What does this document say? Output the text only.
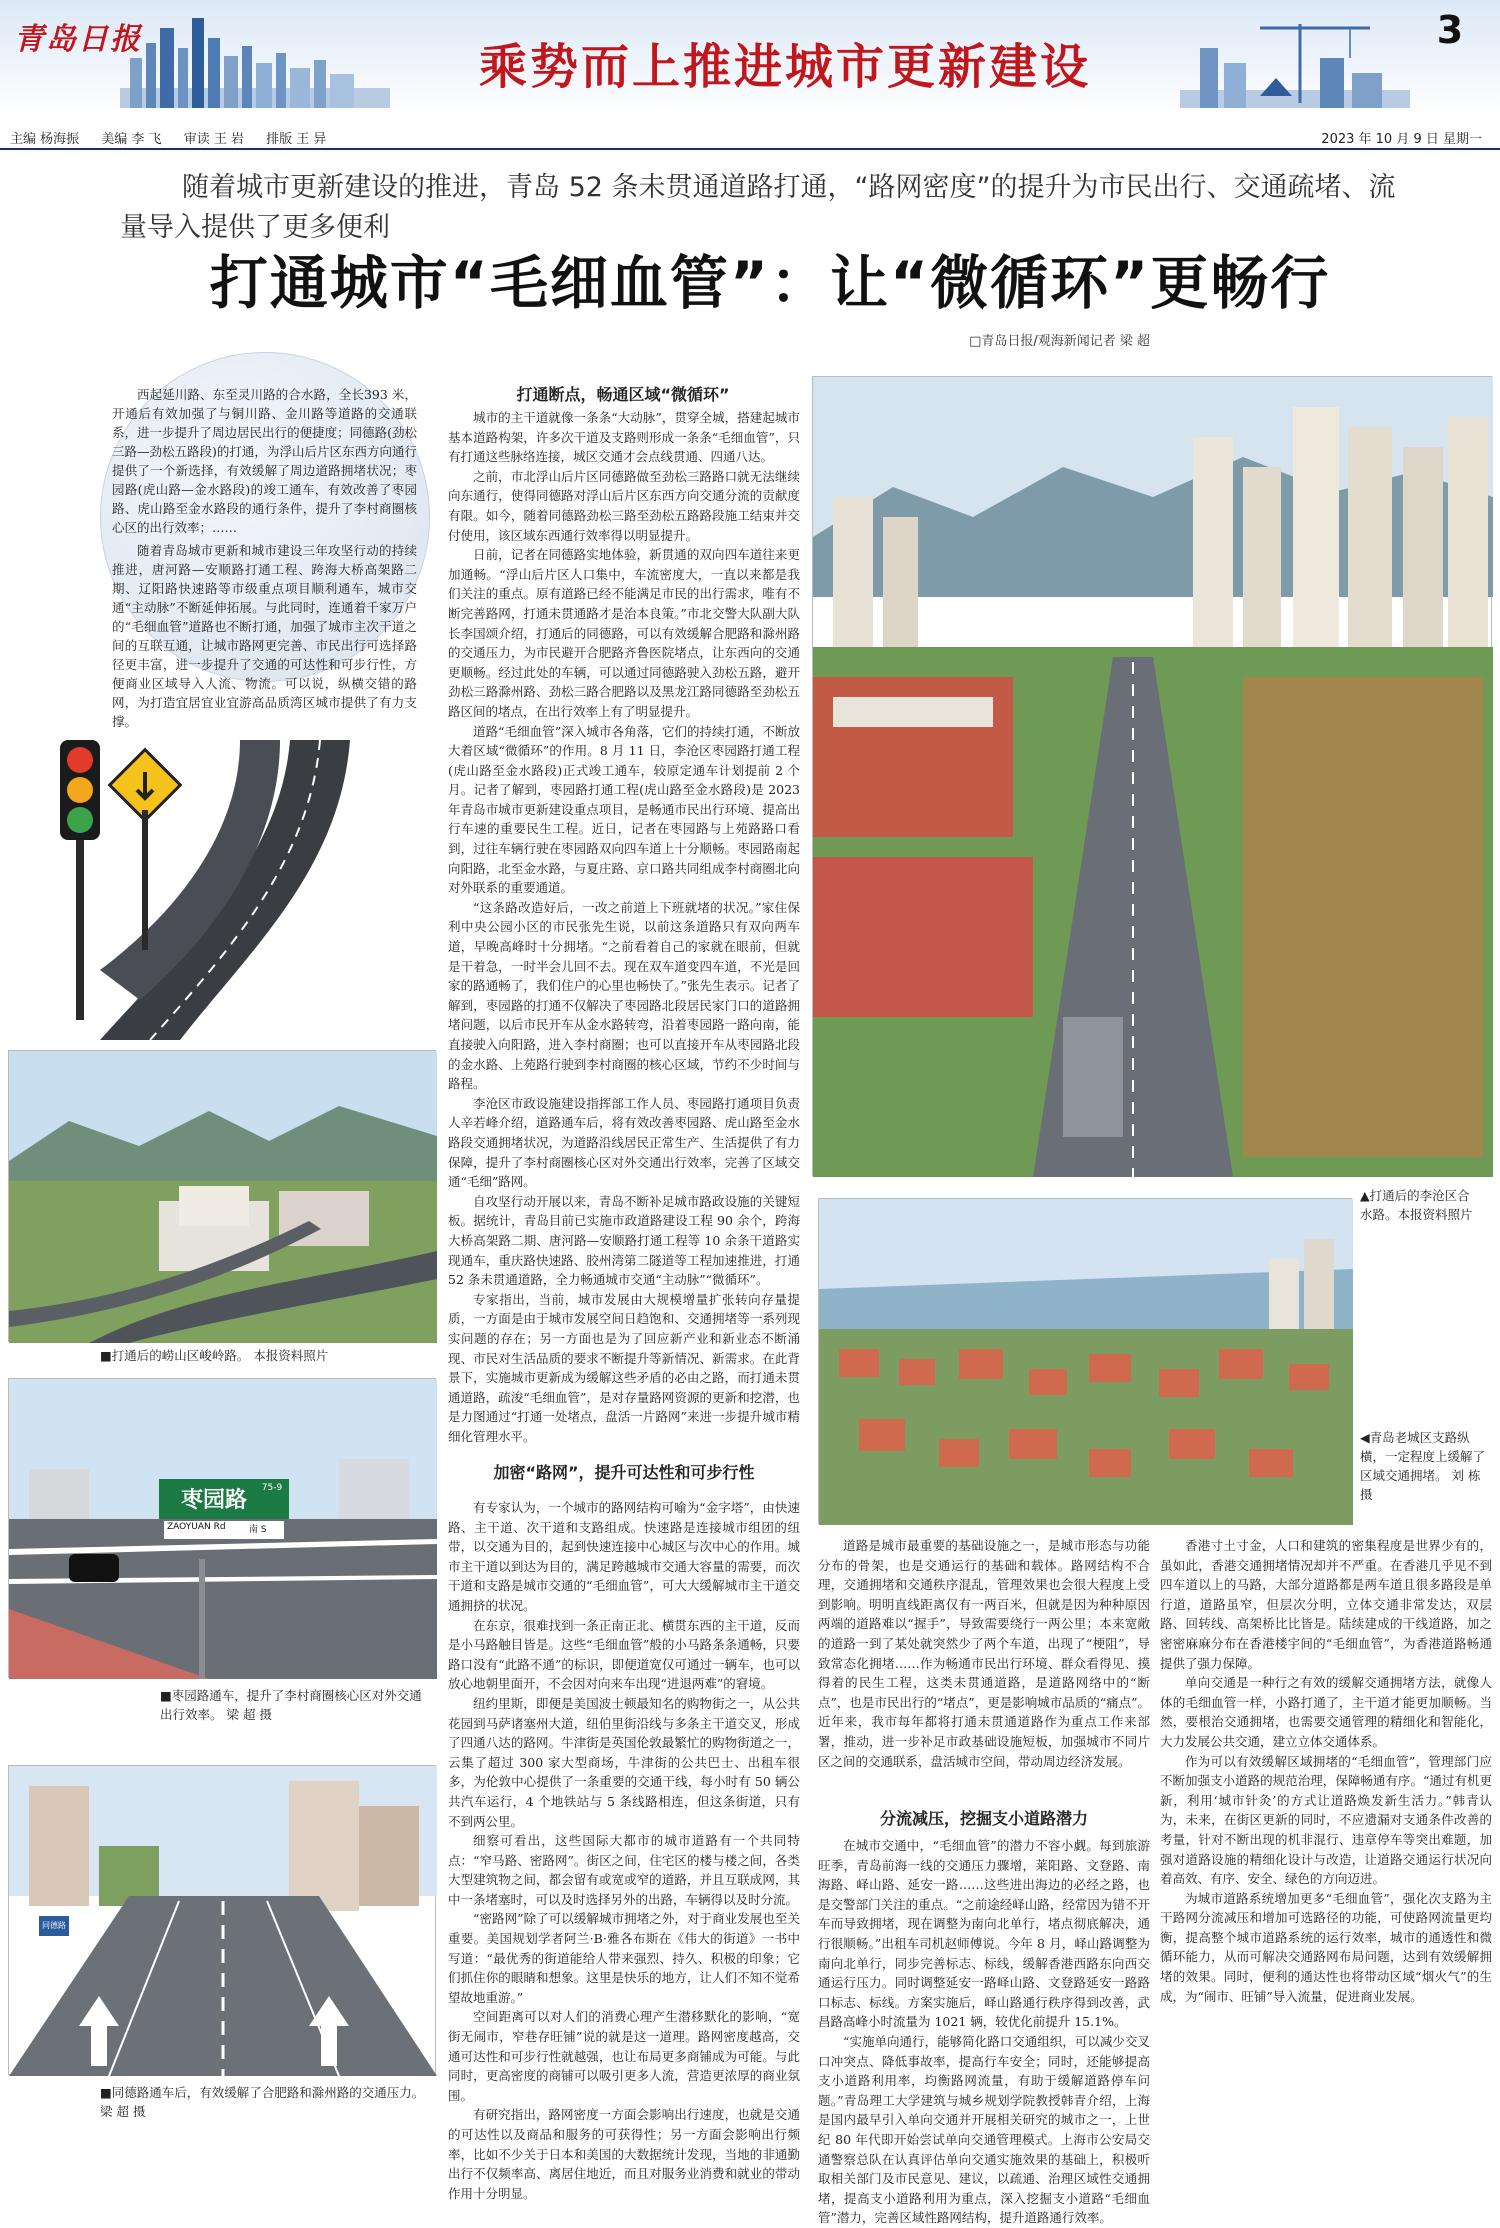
青岛日报	乘势而上推进城市更新建设
3
主编 杨海振 美编 李 飞 审读 王 岩 排版 王 异	2023 年 10 月 9 日 星期一
随着城市更新建设的推进，青岛 52 条未贯通道路打通，“路网密度”的提升为市民出行、交通疏堵、流量导入提供了更多便利
打通城市“毛细血管”：让“微循环”更畅行
□青岛日报/观海新闻记者 梁 超

西起延川路、东至灵川路的合水路，全长393 米，开通后有效加强了与铜川路、金川路等道路的交通联系，进一步提升了周边居民出行的便捷度；同德路(劲松三路—劲松五路段)的打通，为浮山后片区东西方向通行提供了一个新选择，有效缓解了周边道路拥堵状况；枣园路(虎山路—金水路段)的竣工通车，有效改善了枣园路、虎山路至金水路段的通行条件，提升了李村商圈核心区的出行效率；……

随着青岛城市更新和城市建设三年攻坚行动的持续推进，唐河路—安顺路打通工程、跨海大桥高架路二期、辽阳路快速路等市级重点项目顺利通车，城市交通“主动脉”不断延伸拓展。与此同时，连通着千家万户的“毛细血管”道路也不断打通，加强了城市主次干道之间的互联互通，让城市路网更完善、市民出行可选择路径更丰富，进一步提升了交通的可达性和可步行性，方便商业区域导入人流、物流。可以说，纵横交错的路网，为打造宜居宜业宜游高品质湾区城市提供了有力支撑。

■打通后的崂山区峻岭路。 本报资料照片
枣园路	75-9
ZAOYUAN Rd	南 S
■枣园路通车，提升了李村商圈核心区对外交通出行效率。 梁 超 摄
同德路
■同德路通车后，有效缓解了合肥路和滁州路的交通压力。 梁 超 摄
打通断点，畅通区域“微循环”

城市的主干道就像一条条“大动脉”，贯穿全城，搭建起城市基本道路构架，许多次干道及支路则形成一条条“毛细血管”，只有打通这些脉络连接，城区交通才会点线贯通、四通八达。

之前，市北浮山后片区同德路做至劲松三路路口就无法继续向东通行，使得同德路对浮山后片区东西方向交通分流的贡献度有限。如今，随着同德路劲松三路至劲松五路路段施工结束并交付使用，该区域东西通行效率得以明显提升。

日前，记者在同德路实地体验，新贯通的双向四车道往来更加通畅。“浮山后片区人口集中，车流密度大，一直以来都是我们关注的重点。原有道路已经不能满足市民的出行需求，唯有不断完善路网，打通未贯通路才是治本良策。”市北交警大队副大队长李国颂介绍，打通后的同德路，可以有效缓解合肥路和滁州路的交通压力，为市民避开合肥路齐鲁医院堵点，让东西向的交通更顺畅。经过此处的车辆，可以通过同德路驶入劲松五路，避开劲松三路滁州路、劲松三路合肥路以及黑龙江路同德路至劲松五路区间的堵点，在出行效率上有了明显提升。

道路“毛细血管”深入城市各角落，它们的持续打通，不断放大着区域“微循环”的作用。8 月 11 日，李沧区枣园路打通工程(虎山路至金水路段)正式竣工通车，较原定通车计划提前 2 个月。记者了解到，枣园路打通工程(虎山路至金水路段)是 2023 年青岛市城市更新建设重点项目，是畅通市民出行环境、提高出行车速的重要民生工程。近日，记者在枣园路与上苑路路口看到，过往车辆行驶在枣园路双向四车道上十分顺畅。枣园路南起向阳路，北至金水路，与夏庄路、京口路共同组成李村商圈北向对外联系的重要通道。

“这条路改造好后，一改之前道上下班就堵的状况。”家住保利中央公园小区的市民张先生说，以前这条道路只有双向两车道，早晚高峰时十分拥堵。“之前看着自己的家就在眼前，但就是干着急，一时半会儿回不去。现在双车道变四车道，不光是回家的路通畅了，我们住户的心里也畅快了。”张先生表示。记者了解到，枣园路的打通不仅解决了枣园路北段居民家门口的道路拥堵问题，以后市民开车从金水路转弯，沿着枣园路一路向南，能直接驶入向阳路，进入李村商圈；也可以直接开车从枣园路北段的金水路、上苑路行驶到李村商圈的核心区域，节约不少时间与路程。

李沧区市政设施建设指挥部工作人员、枣园路打通项目负责人辛若峰介绍，道路通车后，将有效改善枣园路、虎山路至金水路段交通拥堵状况，为道路沿线居民正常生产、生活提供了有力保障，提升了李村商圈核心区对外交通出行效率，完善了区域交通“毛细”路网。

自攻坚行动开展以来，青岛不断补足城市路政设施的关键短板。据统计，青岛目前已实施市政道路建设工程 90 余个，跨海大桥高架路二期、唐河路—安顺路打通工程等 10 余条干道路实现通车，重庆路快速路、胶州湾第二隧道等工程加速推进，打通 52 条未贯通道路，全力畅通城市交通“主动脉”“微循环”。

专家指出，当前，城市发展由大规模增量扩张转向存量提质，一方面是由于城市发展空间日趋饱和、交通拥堵等一系列现实问题的存在；另一方面也是为了回应新产业和新业态不断涌现、市民对生活品质的要求不断提升等新情况、新需求。在此背景下，实施城市更新成为缓解这些矛盾的必由之路，而打通未贯通道路，疏浚“毛细血管”，是对存量路网资源的更新和挖潜，也是力图通过“打通一处堵点，盘活一片路网”来进一步提升城市精细化管理水平。

加密“路网”，提升可达性和可步行性

有专家认为，一个城市的路网结构可喻为“金字塔”，由快速路、主干道、次干道和支路组成。快速路是连接城市组团的纽带，以交通为目的，起到快速连接中心城区与次中心的作用。城市主干道以到达为目的，满足跨越城市交通大容量的需要，而次干道和支路是城市交通的“毛细血管”，可大大缓解城市主干道交通拥挤的状况。

在东京，很难找到一条正南正北、横贯东西的主干道，反而是小马路触目皆是。这些“毛细血管”般的小马路条条通畅，只要路口没有“此路不通”的标识，即便道宽仅可通过一辆车，也可以放心地朝里面开，不会因对向来车出现“进退两难”的窘境。

纽约里斯，即便是美国波士顿最知名的购物街之一，从公共花园到马萨诸塞州大道，纽伯里街沿线与多条主干道交叉，形成了四通八达的路网。牛津街是英国伦敦最繁忙的购物街道之一，云集了超过 300 家大型商场，牛津街的公共巴士、出租车很多，为伦敦中心提供了一条重要的交通干线，每小时有 50 辆公共汽车运行，4 个地铁站与 5 条线路相连，但这条街道，只有不到两公里。

细察可看出，这些国际大都市的城市道路有一个共同特点：“窄马路、密路网”。街区之间，住宅区的楼与楼之间，各类大型建筑物之间，都会留有或宽或窄的道路，并且互联成网，其中一条堵塞时，可以及时选择另外的出路，车辆得以及时分流。

“密路网”除了可以缓解城市拥堵之外，对于商业发展也至关重要。美国规划学者阿兰·B·雅各布斯在《伟大的街道》一书中写道：“最优秀的街道能给人带来强烈、持久、积极的印象；它们抓住你的眼睛和想象。这里是快乐的地方，让人们不知不觉希望故地重游。”

空间距离可以对人们的消费心理产生潜移默化的影响，“宽街无闹市，窄巷存旺铺”说的就是这一道理。路网密度越高，交通可达性和可步行性就越强，也让布局更多商铺成为可能。与此同时，更高密度的商铺可以吸引更多人流，营造更浓厚的商业氛围。

有研究指出，路网密度一方面会影响出行速度，也就是交通的可达性以及商品和服务的可获得性；另一方面会影响出行频率，比如不少关于日本和美国的大数据统计发现，当地的非通勤出行不仅频率高、离居住地近，而且对服务业消费和就业的带动作用十分明显。

▲打通后的李沧区合水路。本报资料照片
◀青岛老城区支路纵横，一定程度上缓解了区域交通拥堵。 刘 栋 摄

道路是城市最重要的基础设施之一，是城市形态与功能分布的骨架，也是交通运行的基础和载体。路网结构不合理，交通拥堵和交通秩序混乱，管理效果也会很大程度上受到影响。明明直线距离仅有一两百米，但就是因为种种原因两端的道路难以“握手”，导致需要绕行一两公里；本来宽敞的道路一到了某处就突然少了两个车道，出现了“梗阻”，导致常态化拥堵……作为畅通市民出行环境、群众看得见、摸得着的民生工程，这类未贯通道路，是道路网络中的“断点”，也是市民出行的“堵点”，更是影响城市品质的“痛点”。近年来，我市每年都将打通未贯通道路作为重点工作来部署，推动，进一步补足市政基础设施短板，加强城市不同片区之间的交通联系，盘活城市空间，带动周边经济发展。

分流减压，挖掘支小道路潜力

在城市交通中，“毛细血管”的潜力不容小觑。每到旅游旺季，青岛前海一线的交通压力骤增，莱阳路、文登路、南海路、峄山路、延安一路……这些进出海边的必经之路，也是交警部门关注的重点。“之前途经峄山路，经常因为错不开车而导致拥堵，现在调整为南向北单行，堵点彻底解决，通行很顺畅。”出租车司机赵师傅说。今年 8 月，峄山路调整为南向北单行，同步完善标志、标线，缓解香港西路东向西交通运行压力。同时调整延安一路峄山路、文登路延安一路路口标志、标线。方案实施后，峄山路通行秩序得到改善，武昌路高峰小时流量为 1021 辆，较优化前提升 15.1%。

“实施单向通行，能够简化路口交通组织，可以减少交叉口冲突点、降低事故率，提高行车安全；同时，还能够提高支小道路利用率，均衡路网流量，有助于缓解道路停车问题。”青岛理工大学建筑与城乡规划学院教授韩青介绍，上海是国内最早引入单向交通并开展相关研究的城市之一，上世纪 80 年代即开始尝试单向交通管理模式。上海市公安局交通警察总队在认真评估单向交通实施效果的基础上，积极听取相关部门及市民意见、建议，以疏通、治理区域性交通拥堵，提高支小道路利用为重点，深入挖掘支小道路“毛细血管”潜力，完善区域性路网结构，提升道路通行效率。

香港寸土寸金，人口和建筑的密集程度是世界少有的，虽如此，香港交通拥堵情况却并不严重。在香港几乎见不到四车道以上的马路，大部分道路都是两车道且很多路段是单行道，道路虽窄，但层次分明，立体交通非常发达，双层路、回转线、高架桥比比皆是。陆续建成的干线道路，加之密密麻麻分布在香港楼宇间的“毛细血管”，为香港道路畅通提供了强力保障。

单向交通是一种行之有效的缓解交通拥堵方法，就像人体的毛细血管一样，小路打通了，主干道才能更加顺畅。当然，要根治交通拥堵，也需要交通管理的精细化和智能化，大力发展公共交通，建立立体交通体系。

作为可以有效缓解区域拥堵的“毛细血管”，管理部门应不断加强支小道路的规范治理，保障畅通有序。“通过有机更新，利用‘城市针灸’的方式让道路焕发新生活力。”韩青认为，未来，在街区更新的同时，不应遗漏对支通条件改善的考量，针对不断出现的机非混行、违章停车等突出难题，加强对道路设施的精细化设计与改造，让道路交通运行状况向着高效、有序、安全、绿色的方向迈进。

为城市道路系统增加更多“毛细血管”，强化次支路为主干路网分流减压和增加可选路径的功能，可使路网流量更均衡，提高整个城市道路系统的运行效率，城市的通透性和微循环能力，从而可解决交通路网布局问题，达到有效缓解拥堵的效果。同时，便利的通达性也将带动区域“烟火气”的生成，为“闹市、旺铺”导入流量，促进商业发展。
